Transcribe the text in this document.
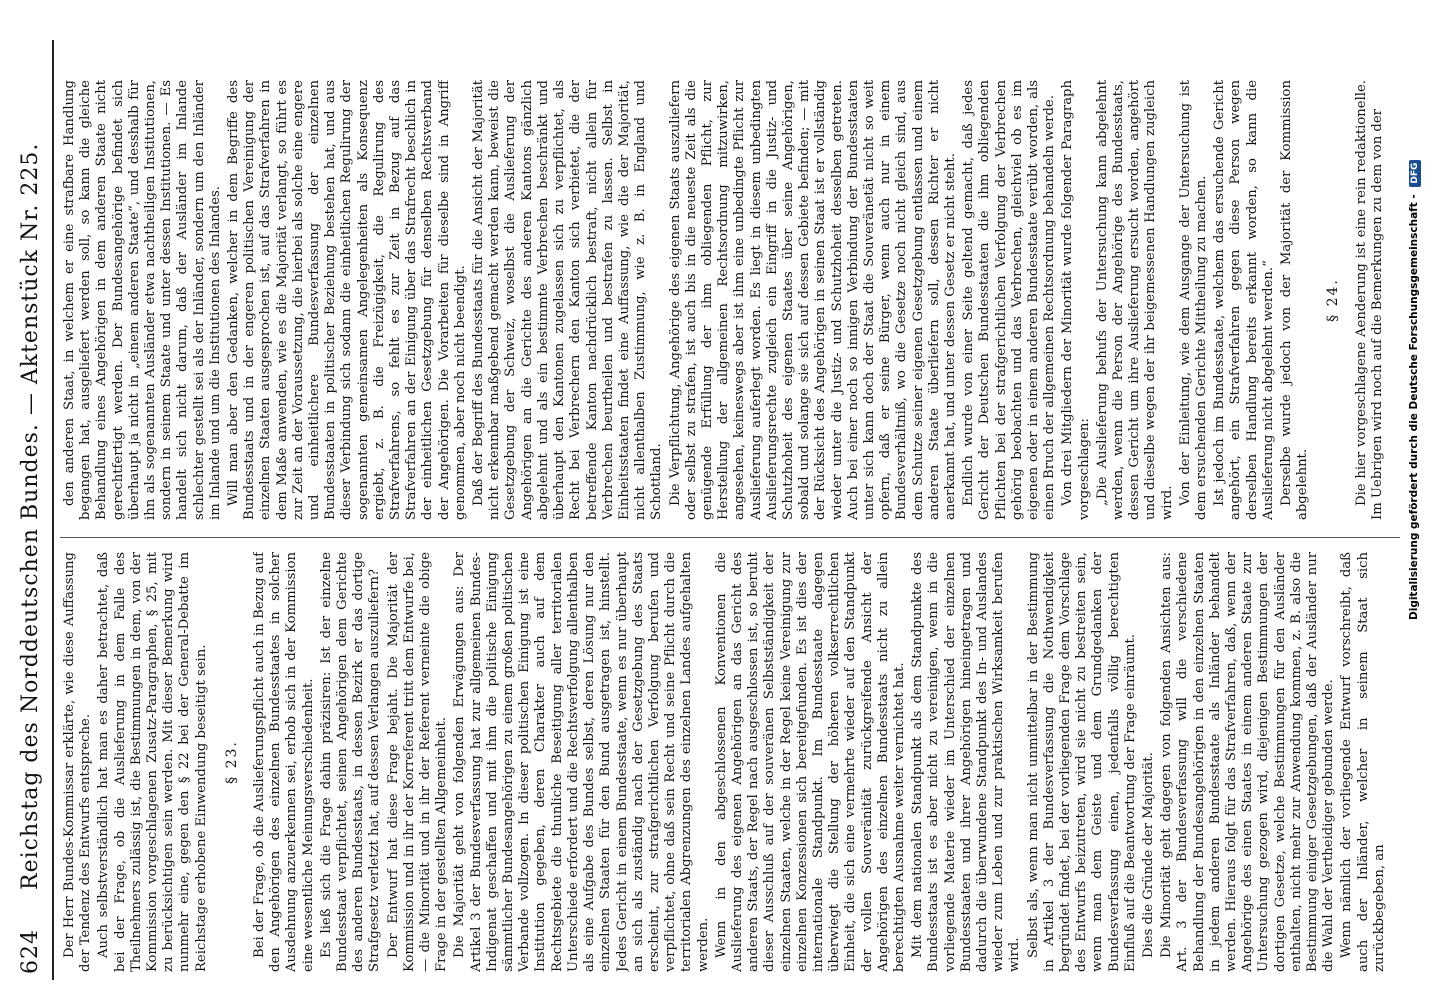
624
Reichstag des Norddeutschen Bundes. — Aktenstück Nr. 225. Der Herr Bundes-Kommissar erklärte, wie diese Auffassung der Tendenz des Entwurfs entspreche. Auch selbstverständlich hat man es daher betrachtet, daß bei der Frage, ob die Auslieferung in dem Falle des Theilnehmers zulässig ist, die Bestimmungen in dem, von der Kommission vorgeschlagenen Zusatz-Paragraphen, § 25, mit zu berücksichtigen sein werden. Mit dieser Bemerkung wird nunmehr eine, gegen den § 22 bei der General-Debatte im Reichstage erhobene Einwendung beseitigt sein. § 23. Bei der Frage, ob die Auslieferungspflicht auch in Bezug auf den Angehörigen des einzelnen Bundesstaates in solcher Ausdehnung anzuerkennen sei, erhob sich in der Kommission eine wesentliche Meinungsverschiedenheit. Es ließ sich die Frage dahin präzisiren: Ist der einzelne Bundesstaat verpflichtet, seinen Angehörigen dem Gerichte des anderen Bundesstaats, in dessen Bezirk er das dortige Strafgesetz verletzt hat, auf dessen Verlangen auszuliefern? Der Entwurf hat diese Frage bejaht. Die Majorität der Kommission und in ihr der Korreferent tritt dem Entwurfe bei, — die Minorität und in ihr der Referent verneinte die obige Frage in der gestellten Allgemeinheit. Die Majorität geht von folgenden Erwägungen aus: Der Artikel 3 der Bundesverfassung hat zur allgemeinen Bundes-Indigenat geschaffen und mit ihm die politische Einigung sämmtlicher Bundesangehörigen zu einem großen politischen Verbande vollzogen. In dieser politischen Einigung ist eine Institution gegeben, deren Charakter auch auf dem Rechtsgebiete die thunliche Beseitigung aller territorialen Unterschiede erfordert und die Rechtsverfolgung allenthalben als eine Aufgabe des Bundes selbst, deren Lösung nur den einzelnen Staaten für den Bund ausgetragen ist, hinstellt. Jedes Gericht in einem Bundesstaate, wenn es nur überhaupt an sich als zuständig nach der Gesetzgebung des Staats erscheint, zur strafgerichtlichen Verfolgung berufen und verpflichtet, ohne daß sein Recht und seine Pflicht durch die territorialen Abgrenzungen des einzelnen Landes aufgehalten werden. Wenn in den abgeschlossenen Konventionen die Auslieferung des eigenen Angehörigen an das Gericht des anderen Staats, der Regel nach ausgeschlossen ist, so beruht dieser Ausschluß auf der souveränen Selbstständigkeit der einzelnen Staaten, welche in der Regel keine Vereinigung zur einzelnen Konzessionen sich bereitgefunden. Es ist dies der internationale Standpunkt. Im Bundesstaate dagegen überwiegt die Stellung der höheren volkserrechtlichen Einheit, die sich eine vermehrte wieder auf den Standpunkt der vollen Souveränität zurückgreifende Ansicht der Angehörigen des einzelnen Bundesstaats nicht zu allein berechtigten Ausnahme weiter vernichtet hat. Mit dem nationalen Standpunkt als dem Standpunkte des Bundesstaats ist es aber nicht zu vereinigen, wenn in die vorliegende Materie wieder im Unterschied der einzelnen Bundesstaaten und ihrer Angehörigen hineingetragen und dadurch die überwundene Standpunkt des In- und Auslandes wieder zum Leben und zur praktischen Wirksamkeit berufen wird. Selbst als, wenn man nicht unmittelbar in der Bestimmung in Artikel 3 der Bundesverfassung die Nothwendigkeit begründet findet, bei der vorliegenden Frage dem Vorschlage des Entwurfs beizutreten, wird sie nicht zu bestreiten sein, wenn man dem Geiste und dem Grundgedanken der Bundesverfassung einen, jedenfalls völlig berechtigten Einfluß auf die Beantwortung der Frage einräumt. Dies die Gründe der Majorität. Die Minorität geht dagegen von folgenden Ansichten aus: Art. 3 der Bundesverfassung will die verschiedene Behandlung der Bundesangehörigen in den einzelnen Staaten in jedem anderen Bundesstaate als Inländer behandelt werden. Hieraus folgt für das Strafverfahren, daß, wenn der Angehörige des einen Staates in einem anderen Staate zur Untersuchung gezogen wird, diejenigen Bestimmungen der dortigen Gesetze, welche Bestimmungen für den Ausländer enthalten, nicht mehr zur Anwendung kommen, z. B. also die Bestimmung einiger Gesetzgebungen, daß der Ausländer nur die Wahl der Vertheidiger gebunden werde. Wenn nämlich der vorliegende Entwurf vorschreibt, daß auch der Inländer, welcher in seinem Staat sich zurückbegeben, an

den anderen Staat, in welchem er eine strafbare Handlung begangen hat, ausgeliefert werden soll, so kann die gleiche Behandlung eines Angehörigen in dem anderen Staate nicht gerechtfertigt werden. Der Bundesangehörige befindet sich überhaupt ja nicht in „einem anderen Staate“, und desshalb für ihn als sogenannten Ausländer etwa nachtheiligen Institutionen, sondern in seinem Staate und unter dessen Institutionen. — Es handelt sich nicht darum, daß der Ausländer im Inlande schlechter gestellt sei als der Inländer, sondern um den Inländer im Inlande und um die Institutionen des Inlandes. Will man aber den Gedanken, welcher in dem Begriffe des Bundesstaats und in der engeren politischen Vereinigung der einzelnen Staaten ausgesprochen ist, auf das Strafverfahren in dem Maße anwenden, wie es die Majorität verlangt, so führt es zur Zeit an der Voraussetzung, die hierbei als solche eine engere und einheitlichere Bundesverfassung der einzelnen Bundesstaaten in politischer Beziehung bestehen hat, und aus dieser Verbindung sich sodann die einheitlichen Regulirung der sogenannten gemeinsamen Angelegenheiten als Konsequenz ergiebt, z. B. die Freizügigkeit, die Regulirung des Strafverfahrens, so fehlt es zur Zeit in Bezug auf das Strafverfahren an der Einigung über das Strafrecht beschlich in der einheitlichen Gesetzgebung für denselben Rechtsverband der Angehörigen. Die Vorarbeiten für dieselbe sind in Angriff genommen, aber noch nicht beendigt. Daß der Begriff des Bundesstaats für die Ansicht der Majorität nicht erkennbar maßgebend gemacht werden kann, beweist die Gesetzgebung der Schweiz, woselbst die Auslieferung der Angehörigen an die Gerichte des anderen Kantons gänzlich abgelehnt und als ein bestimmte Verbrechen beschränkt und überhaupt den Kantonen zugelassen sich zu verpflichtet, als Recht bei Verbrechern den Kanton sich verbietet, die der betreffende Kanton nachdrücklich bestraft, nicht allein für Verbrechen beurtheilen und bestrafen zu lassen. Selbst in Einheitsstaaten findet eine Auffassung, wie die der Majorität, nicht allenthalben Zustimmung, wie z. B. in England und Schottland. Die Verpflichtung, Angehörige des eigenen Staats auszuliefern oder selbst zu strafen, ist auch bis in die neueste Zeit als die genügende Erfüllung der ihm obliegenden Pflicht, zur Herstellung der allgemeinen Rechtsordnung mitzuwirken, angesehen, keineswegs aber ist ihm eine unbedingte Pflicht zur Auslieferung auferlegt worden. Es liegt in diesem unbedingten Auslieferungsrechte zugleich ein Eingriff in die Justiz- und Schutzhoheit des eigenen Staates über seine Angehörigen, sobald und solange sie sich auf dessen Gebiete befinden; — mit der Rücksicht des Angehörigen in seinen Staat ist er vollständig wieder unter die Justiz- und Schutzhoheit desselben getreten. Auch bei einer noch so innigen Verbindung der Bundesstaaten unter sich kann doch der Staat die Souveränetät nicht so weit opfern, daß er seine Bürger, wenn auch nur in einem Bundesverhältniß, wo die Gesetze noch nicht gleich sind, aus dem Schutze seiner eigenen Gesetzgebung entlassen und einem anderen Staate überliefern soll, dessen Richter er nicht anerkannt hat, und unter dessen Gesetz er nicht steht. Endlich wurde von einer Seite geltend gemacht, daß jedes Gericht der Deutschen Bundesstaaten die ihm obliegenden Pflichten bei der strafgerichtlichen Verfolgung der Verbrechen gehörig beobachten und das Verbrechen, gleichviel ob es im eigenen oder in einem anderen Bundesstaate verübt worden, als einen Bruch der allgemeinen Rechtsordnung behandeln werde. Von drei Mitgliedern der Minorität wurde folgender Paragraph vorgeschlagen: „Die Auslieferung behufs der Untersuchung kann abgelehnt werden, wenn die Person der Angehörige des Bundesstaats, dessen Gericht um ihre Auslieferung ersucht worden, angehört und dieselbe wegen der ihr beigemessenen Handlungen zugleich wird. Von der Einleitung, wie dem Ausgange der Untersuchung ist dem ersuchenden Gerichte Mittheilung zu machen. Ist jedoch im Bundesstaate, welchem das ersuchende Gericht angehört, ein Strafverfahren gegen diese Person wegen derselben Handlung bereits erkannt worden, so kann die Auslieferung nicht abgelehnt werden.“ Derselbe wurde jedoch von der Majorität der Kommission abgelehnt.

§ 24. Die hier vorgeschlagene Aenderung ist eine rein redaktionelle. Im Uebrigen wird noch auf die Bemerkungen zu dem von der Digitalisierung gefördert durch die Deutsche Forschungsgemeinschaft - DFG
